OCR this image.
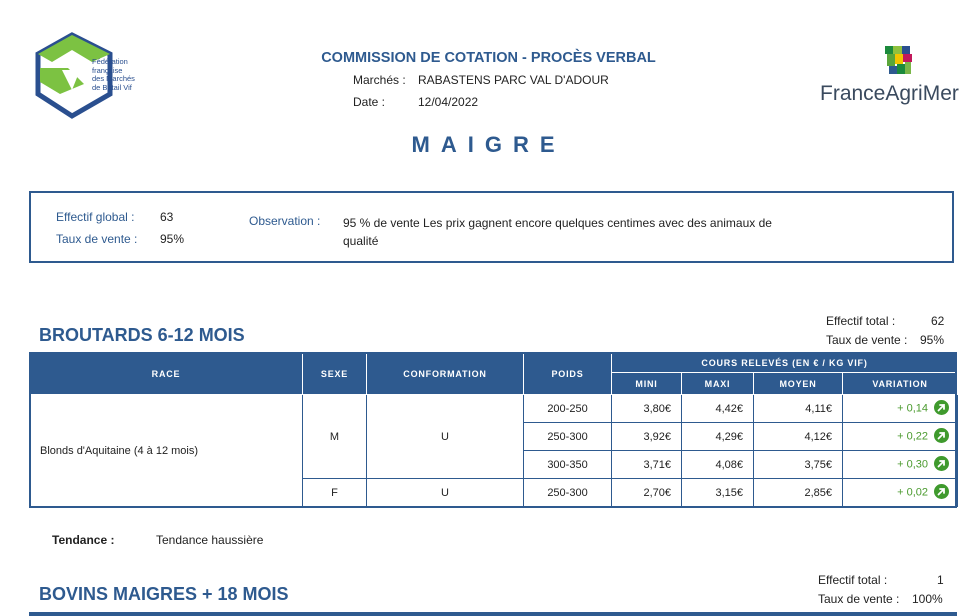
Fédération
française
des Marchés
de Bétail Vif	FranceAgriMer
COMMISSION DE COTATION - PROCÈS VERBAL
Marchés : RABASTENS PARC VAL D'ADOUR
Date :	12/04/2022
MAIGRE
Effectif global : 63
Taux de vente : 95%
Observation : 95 % de vente Les prix gagnent encore quelques centimes avec des animaux de qualité
BROUTARDS 6-12 MOIS
Effectif total :	62
Taux de vente : 95%
RACE	SEXE	CONFORMATION	POIDS	COURS RELEVÉS (EN € / KG VIF)			
				MINI	MAXI	MOYEN	VARIATION
Blonds d'Aquitaine (4 à 12 mois)	M	U	200-250	3,80€	4,42€	4,11€	+ 0,14

			250-300	3,92€	4,29€	4,12€	+ 0,22

			300-350	3,71€	4,08€	3,75€	+ 0,30

	F	U	250-300	2,70€	3,15€	2,85€	+ 0,02
Tendance :	Tendance haussière
BOVINS MAIGRES + 18 MOIS
Effectif total :	1
Taux de vente : 100%
